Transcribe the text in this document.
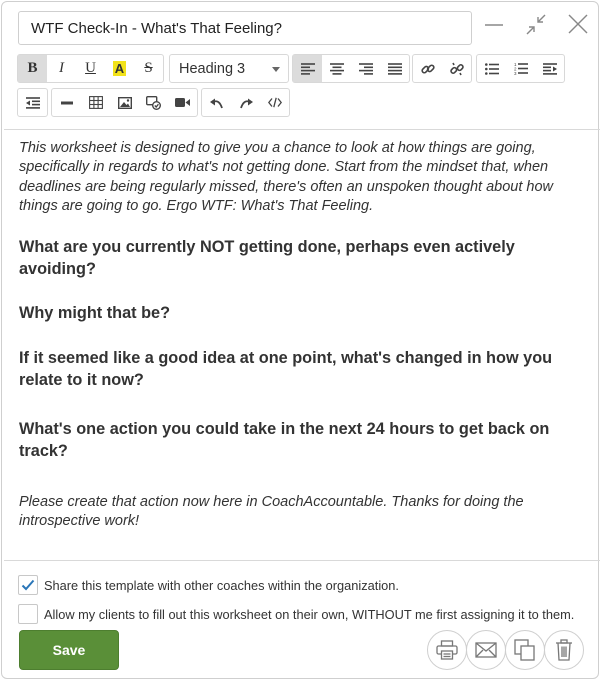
WTF Check-In - What's That Feeling?
B I U A S	Heading 3	1
2
3

This worksheet is designed to give you a chance to look at how things are going, specifically in regards to what's not getting done. Start from the mindset that, when deadlines are being regularly missed, there's often an unspoken thought about how things are going to go. Ergo WTF: What's That Feeling.

What are you currently NOT getting done, perhaps even actively avoiding?

Why might that be?

If it seemed like a good idea at one point, what's changed in how you relate to it now?

What's one action you could take in the next 24 hours to get back on track?

Please create that action now here in CoachAccountable. Thanks for doing the introspective work!

Share this template with other coaches within the organization.
Allow my clients to fill out this worksheet on their own, WITHOUT me first assigning it to them.
Save
